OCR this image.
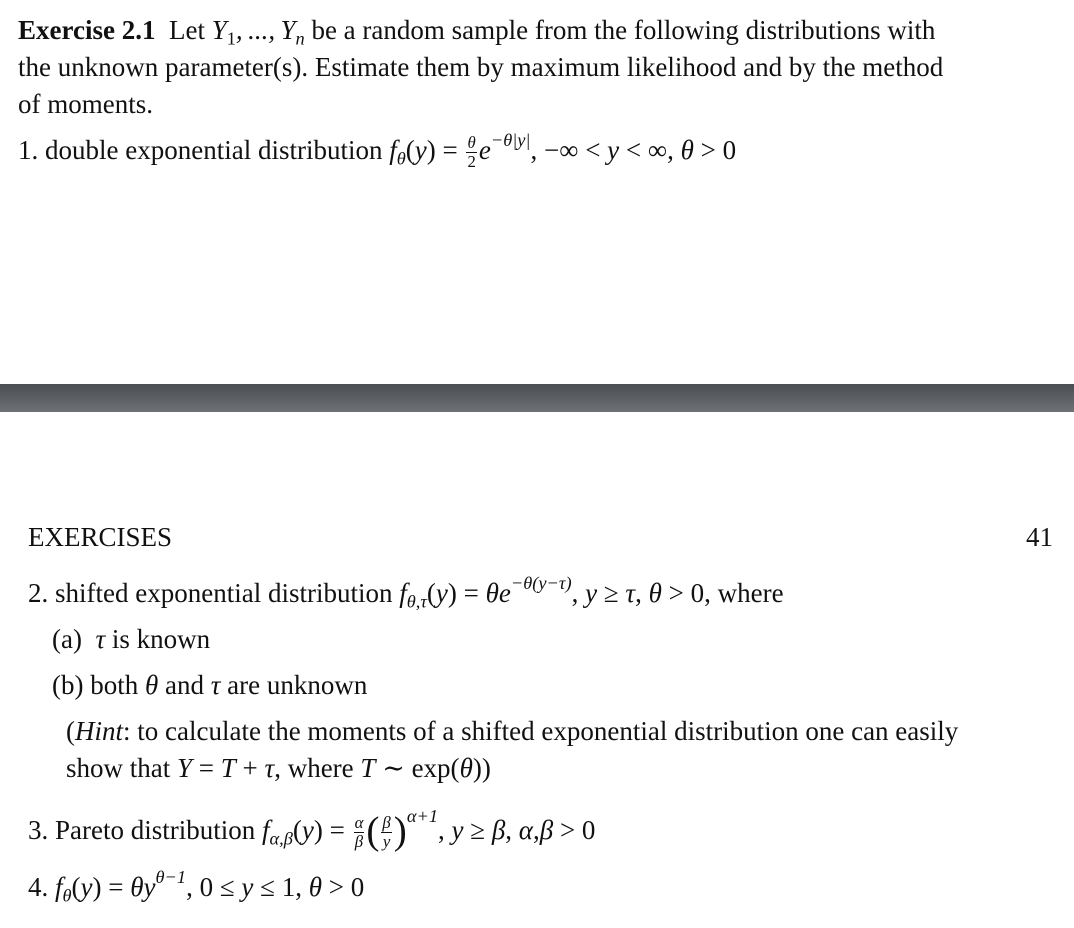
Exercise 2.1 Let $Y_1$, ..., $Y_n$ be a random sample from the following distributions with
the unknown parameter(s). Estimate them by maximum likelihood and by the method
of moments.
1. double exponential distribution $f_\theta(y) = \frac{\theta}{2} e^{-\theta|y|}$, −∞ < y < ∞, θ > 0
EXERCISES	41
2. shifted exponential distribution $f_{\theta,\tau}(y) = \theta e^{-\theta(y-\tau)}$, y ≥ τ, θ > 0, where
(a)  τ is known
(b) both θ and τ are unknown
(Hint: to calculate the moments of a shifted exponential distribution one can easily
show that Y = T + τ, where T ∼ exp(θ))
3. Pareto distribution $f_{\alpha,\beta}(y) = \frac{\alpha}{\beta}$ ( $\frac{\beta}{y} )^{\alpha+1}$, y ≥ β, α,β > 0
4. $f_\theta(y) = \theta y^{\theta-1}$, 0 ≤ y ≤ 1, θ > 0
